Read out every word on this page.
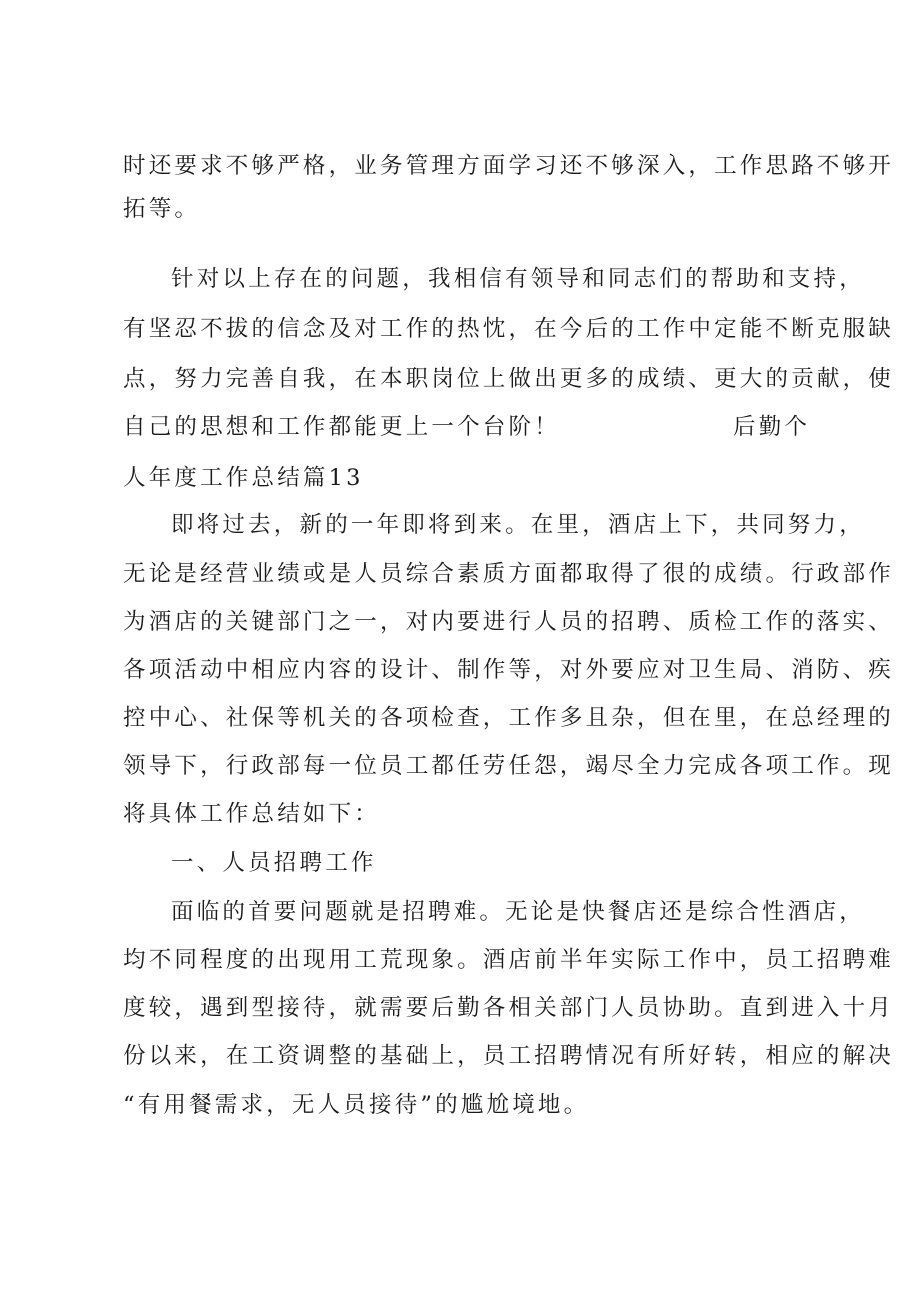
时还要求不够严格，业务管理方面学习还不够深入，工作思路不够开
拓等。
针对以上存在的问题，我相信有领导和同志们的帮助和支持，
有坚忍不拔的信念及对工作的热忱，在今后的工作中定能不断克服缺
点，努力完善自我，在本职岗位上做出更多的成绩、更大的贡献，使
自己的思想和工作都能更上一个台阶！	后勤个
人年度工作总结篇13
即将过去，新的一年即将到来。在里，酒店上下，共同努力，
无论是经营业绩或是人员综合素质方面都取得了很的成绩。行政部作
为酒店的关键部门之一，对内要进行人员的招聘、质检工作的落实、
各项活动中相应内容的设计、制作等，对外要应对卫生局、消防、疾
控中心、社保等机关的各项检查，工作多且杂，但在里，在总经理的
领导下，行政部每一位员工都任劳任怨，竭尽全力完成各项工作。现
将具体工作总结如下：
一、人员招聘工作
面临的首要问题就是招聘难。无论是快餐店还是综合性酒店，
均不同程度的出现用工荒现象。酒店前半年实际工作中，员工招聘难
度较，遇到型接待，就需要后勤各相关部门人员协助。直到进入十月
份以来，在工资调整的基础上，员工招聘情况有所好转，相应的解决
“有用餐需求，无人员接待”的尴尬境地。
